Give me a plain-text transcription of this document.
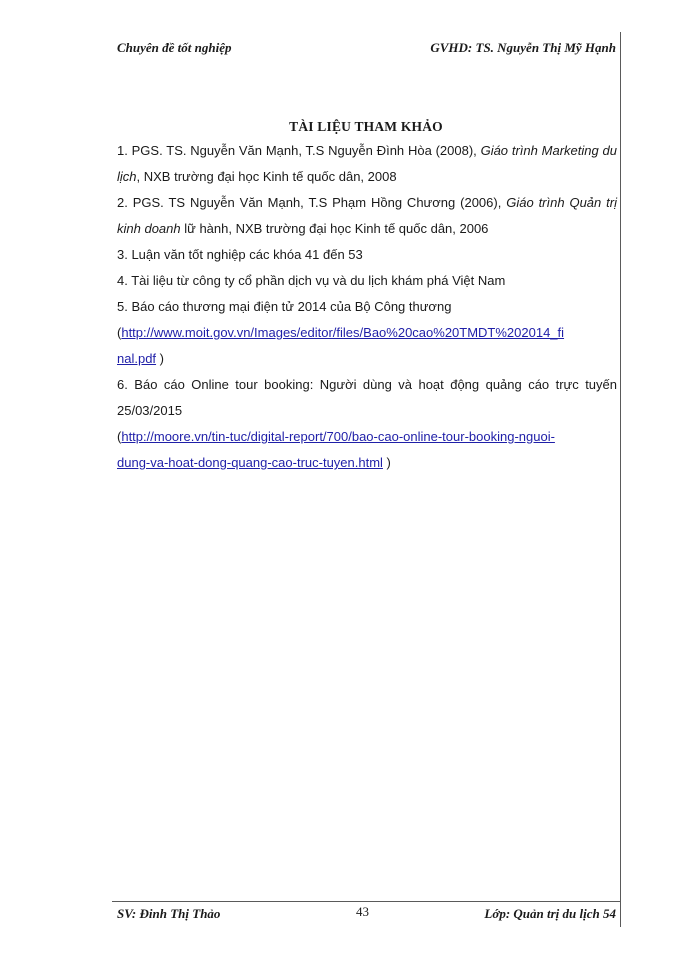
Chuyên đề tốt nghiệp	GVHD: TS. Nguyễn Thị Mỹ Hạnh
TÀI LIỆU THAM KHẢO

1. PGS. TS. Nguyễn Văn Mạnh, T.S Nguyễn Đình Hòa (2008), Giáo trình Marketing du lịch, NXB trường đại học Kinh tế quốc dân, 2008

2. PGS. TS Nguyễn Văn Mạnh, T.S Phạm Hồng Chương (2006), Giáo trình Quản trị kinh doanh lữ hành, NXB trường đại học Kinh tế quốc dân, 2006

3. Luận văn tốt nghiệp các khóa 41 đến 53

4. Tài liệu từ công ty cổ phần dịch vụ và du lịch khám phá Việt Nam

5. Báo cáo thương mại điện tử 2014 của Bộ Công thương

(http://www.moit.gov.vn/Images/editor/files/Bao%20cao%20TMDT%202014_fi

nal.pdf )

6. Báo cáo Online tour booking: Người dùng và hoạt động quảng cáo trực tuyến 25/03/2015

(http://moore.vn/tin-tuc/digital-report/700/bao-cao-online-tour-booking-nguoi-

dung-va-hoat-dong-quang-cao-truc-tuyen.html )

SV: Đinh Thị Thảo	43	Lớp: Quản trị du lịch 54
